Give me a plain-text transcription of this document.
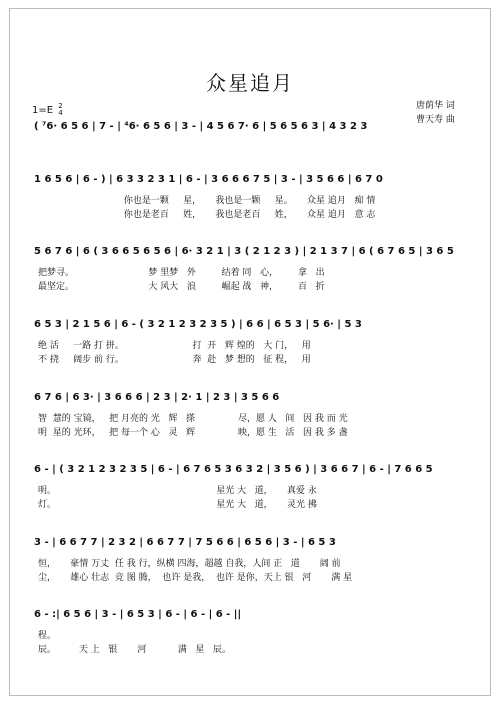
众星追月
唐荫华 词
曹天寿 曲
1=E 2
4
( ⁷6· 6 5 6 | 7 - | ⁴6· 6 5 6 | 3 - | 4 5 6 7· 6 | 5 6 5 6 3 | 4 3 2 3
1 6 5 6 | 6 - ) | 6 3 3 2 3 1 | 6 - | 3 6 6 6 7 5 | 3 - | 3 5 6 6 | 6 7 0
你也是一颗     星，     我也是一颗     星。     众星 追月   痴 情
你也是老百     姓，     我也是老百     姓，     众星 追月   意 志
5 6 7 6 | 6 ( 3 6 6 5 6 5 6 | 6· 3 2 1 | 3 ( 2 1 2 3 ) | 2 1 3 7 | 6 ( 6 7 6 5 | 3 6 5
把梦寻。                          梦 里梦   外         结着 同   心，       拿   出
最坚定。                          大 风大   浪         崛起 战   神，       百   折
6 5 3 | 2 1 5 6 | 6 - ( 3 2 1 2 3 2 3 5 ) | 6 6 | 6 5 3 | 5 6· | 5 3
绝 活     一路 打 拼。                        打  开   辉 煌的   大 门，   用
不 挠     阔步 前 行。                        奔  赴   梦 想的   征 程，   用
6 7 6 | 6 3· | 3 6 6 6 | 2 3 | 2· 1 | 2 3 | 3 5 6 6
智  慧的 宝镜，   把 月亮的 光   辉   搽               尽，愿 人   间   因 我 而 光
明  星的 光环，   把 每一个 心   灵   辉               映，愿 生   活   因 我 多 盏
6 - | ( 3 2 1 2 3 2 3 5 | 6 - | 6 7 6 5 3 6 3 2 | 3 5 6 ) | 3 6 6 7 | 6 - | 7 6 6 5
明。                                                        星光 大   道，     真爱 永
灯。                                                        星光 大   道，     灵光 拂
3 - | 6 6 7 7 | 2 3 2 | 6 6 7 7 | 7 5 6 6 | 6 5 6 | 3 - | 6 5 3
恒，     豪情 万丈  任 我 行，纵横 四海，超越 自我，人间 正   道       阔 前
尘，     雄心 壮志  竞 图 腾，  也许 是我，  也许 是你，天上 银   河       满 星
6 - :| 6 5 6 | 3 - | 6 5 3 | 6 - | 6 - | 6 - ||
程。
辰。        天 上   银       河           满   星   辰。
